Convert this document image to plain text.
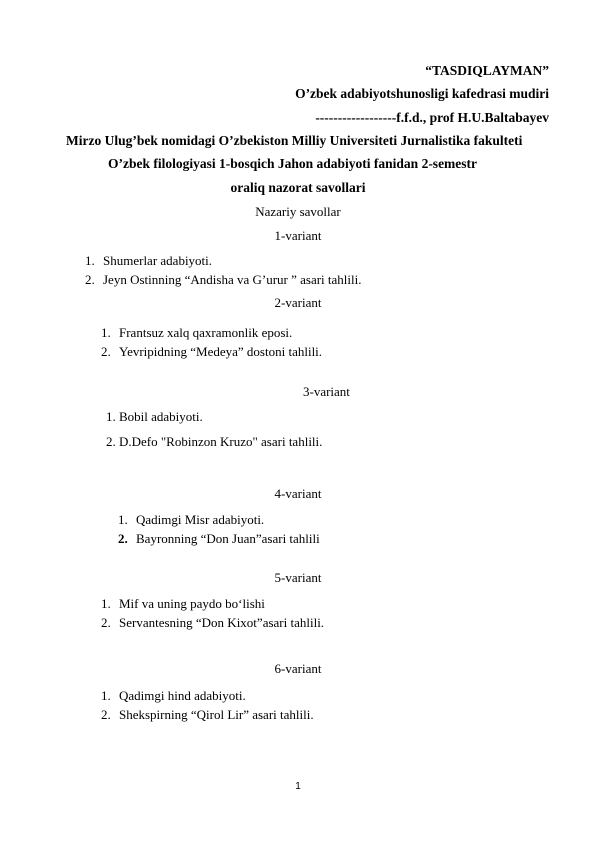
“TASDIQLAYMAN”
O’zbek adabiyotshunosligi kafedrasi mudiri
------------------f.f.d., prof H.U.Baltabayev
Mirzo Ulug’bek nomidagi O’zbekiston Milliy Universiteti Jurnalistika fakulteti
O’zbek filologiyasi 1-bosqich Jahon adabiyoti fanidan 2-semestr
oraliq nazorat savollari
Nazariy savollar
1-variant
1. Shumerlar adabiyoti.
2. Jeyn Ostinning “Andisha va G’urur ” asari tahlili.
2-variant
1. Frantsuz xalq qaxramonlik eposi.
2. Yevripidning “Medeya” dostoni tahlili.
3-variant
1. Bobil adabiyoti.
2. D.Defo "Robinzon Kruzo" asari tahlili.
4-variant
1. Qadimgi Misr adabiyoti.
2. Bayronning “Don Juan”asari tahlili
5-variant
1. Mif va uning paydo bo‘lishi
2. Servantesning “Don Kixot”asari tahlili.
6-variant
1. Qadimgi hind adabiyoti.
2. Shekspirning “Qirol Lir” asari tahlili.
1
